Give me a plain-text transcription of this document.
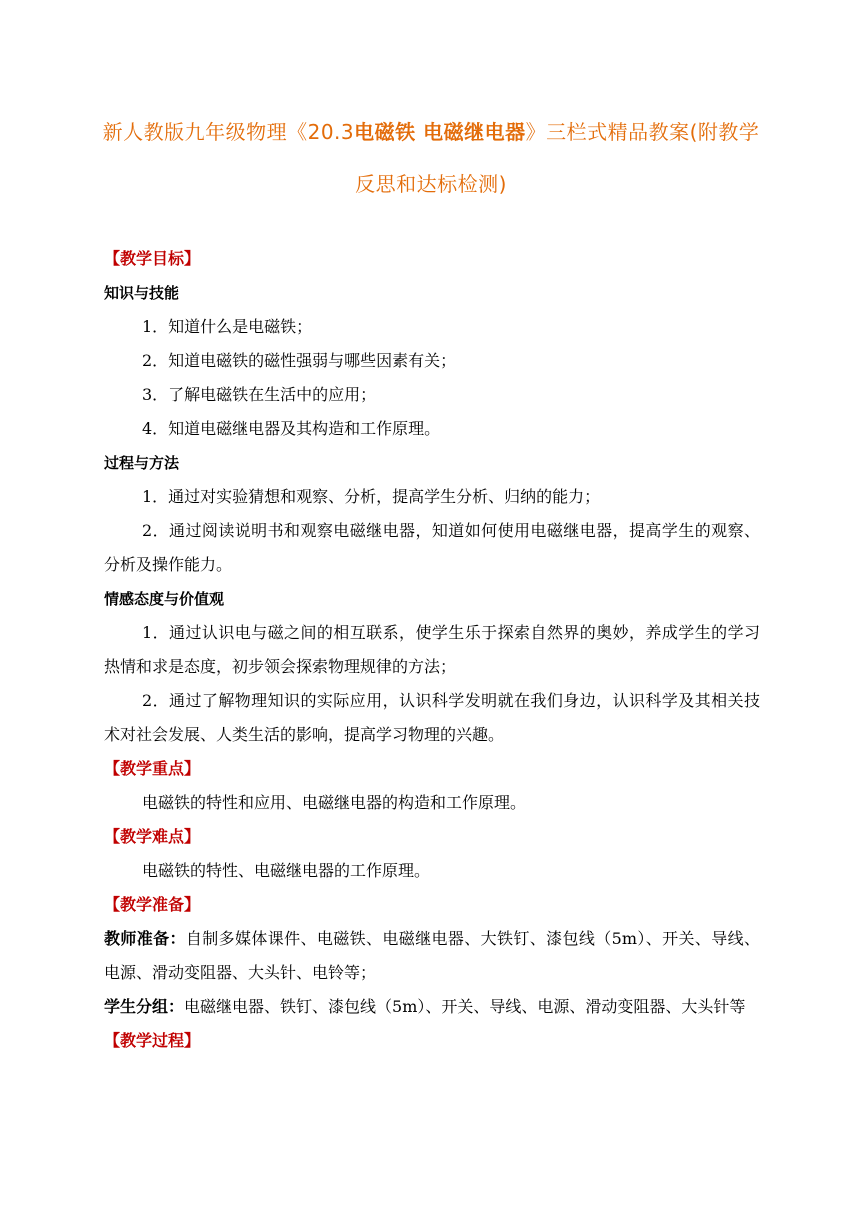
新人教版九年级物理《20.3电磁铁 电磁继电器》三栏式精品教案(附教学
反思和达标检测)
【教学目标】
知识与技能
1．知道什么是电磁铁；
2．知道电磁铁的磁性强弱与哪些因素有关；
3．了解电磁铁在生活中的应用；
4．知道电磁继电器及其构造和工作原理。
过程与方法
1．通过对实验猜想和观察、分析，提高学生分析、归纳的能力；

2．通过阅读说明书和观察电磁继电器，知道如何使用电磁继电器，提高学生的观察、分析及操作能力。

情感态度与价值观

1．通过认识电与磁之间的相互联系，使学生乐于探索自然界的奥妙，养成学生的学习热情和求是态度，初步领会探索物理规律的方法；

2．通过了解物理知识的实际应用，认识科学发明就在我们身边，认识科学及其相关技术对社会发展、人类生活的影响，提高学习物理的兴趣。

【教学重点】
电磁铁的特性和应用、电磁继电器的构造和工作原理。
【教学难点】
电磁铁的特性、电磁继电器的工作原理。
【教学准备】

教师准备：自制多媒体课件、电磁铁、电磁继电器、大铁钉、漆包线（5m）、开关、导线、电源、滑动变阻器、大头针、电铃等；

学生分组：电磁继电器、铁钉、漆包线（5m）、开关、导线、电源、滑动变阻器、大头针等

【教学过程】
